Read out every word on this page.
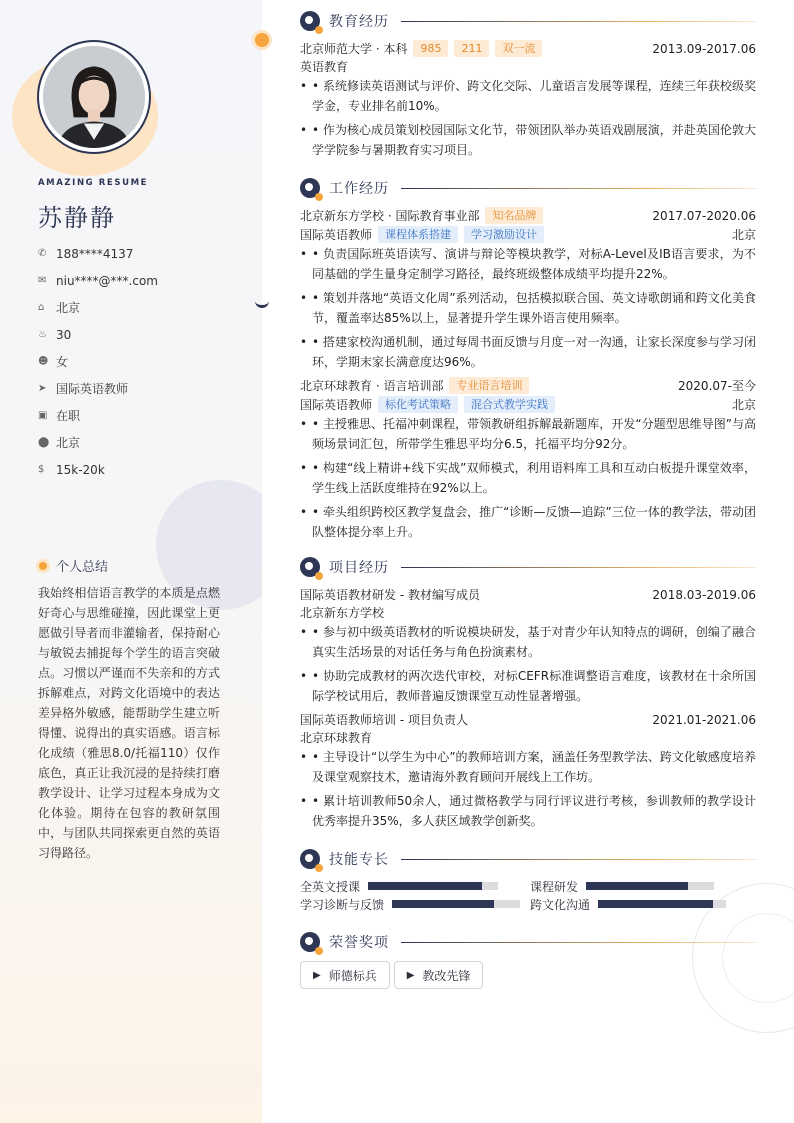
AMAZING RESUME
苏静静
✆ 188****4137
✉ niu****@***.com
⌂ 北京
♨ 30
☻ 女
➤ 国际英语教师
▣ 在职
⬤ 北京
$ 15k-20k
个人总结
我始终相信语言教学的本质是点燃好奇心与思维碰撞，因此课堂上更愿做引导者而非灌输者，保持耐心与敏锐去捕捉每个学生的语言突破点。习惯以严谨而不失亲和的方式拆解难点，对跨文化语境中的表达差异格外敏感，能帮助学生建立听得懂、说得出的真实语感。语言标化成绩（雅思8.0/托福110）仅作底色，真正让我沉浸的是持续打磨教学设计、让学习过程本身成为文化体验。期待在包容的教研氛围中，与团队共同探索更自然的英语习得路径。
教育经历
北京师范大学 · 本科	985	211	双一流	2013.09-2017.06
英语教育
• • 系统修读英语测试与评价、跨文化交际、儿童语言发展等课程，连续三年获校级奖学金，专业排名前10%。
• • 作为核心成员策划校园国际文化节，带领团队举办英语戏剧展演，并赴英国伦敦大学学院参与暑期教育实习项目。
工作经历
北京新东方学校 · 国际教育事业部	知名品牌	2017.07-2020.06
国际英语教师	课程体系搭建	学习激励设计	北京
• • 负责国际班英语读写、演讲与辩论等模块教学，对标A-Level及IB语言要求，为不同基础的学生量身定制学习路径，最终班级整体成绩平均提升22%。
• • 策划并落地“英语文化周”系列活动，包括模拟联合国、英文诗歌朗诵和跨文化美食节，覆盖率达85%以上，显著提升学生课外语言使用频率。
• • 搭建家校沟通机制，通过每周书面反馈与月度一对一沟通，让家长深度参与学习闭环，学期末家长满意度达96%。
北京环球教育 · 语言培训部	专业语言培训	2020.07-至今
国际英语教师	标化考试策略	混合式教学实践	北京
• • 主授雅思、托福冲刺课程，带领教研组拆解最新题库，开发“分题型思维导图”与高频场景词汇包，所带学生雅思平均分6.5，托福平均分92分。
• • 构建“线上精讲+线下实战”双师模式，利用语料库工具和互动白板提升课堂效率，学生线上活跃度维持在92%以上。
• • 牵头组织跨校区教学复盘会，推广“诊断—反馈—追踪”三位一体的教学法，带动团队整体提分率上升。
项目经历
国际英语教材研发 - 教材编写成员	2018.03-2019.06
北京新东方学校
• • 参与初中级英语教材的听说模块研发，基于对青少年认知特点的调研，创编了融合真实生活场景的对话任务与角色扮演素材。
• • 协助完成教材的两次迭代审校，对标CEFR标准调整语言难度，该教材在十余所国际学校试用后，教师普遍反馈课堂互动性显著增强。
国际英语教师培训 - 项目负责人	2021.01-2021.06
北京环球教育
• • 主导设计“以学生为中心”的教师培训方案，涵盖任务型教学法、跨文化敏感度培养及课堂观察技术，邀请海外教育顾问开展线上工作坊。
• • 累计培训教师50余人，通过微格教学与同行评议进行考核，参训教师的教学设计优秀率提升35%，多人获区域教学创新奖。
技能专长
全英文授课	课程研发
学习诊断与反馈	跨文化沟通
荣誉奖项
▶ 师德标兵	▶ 教改先锋
